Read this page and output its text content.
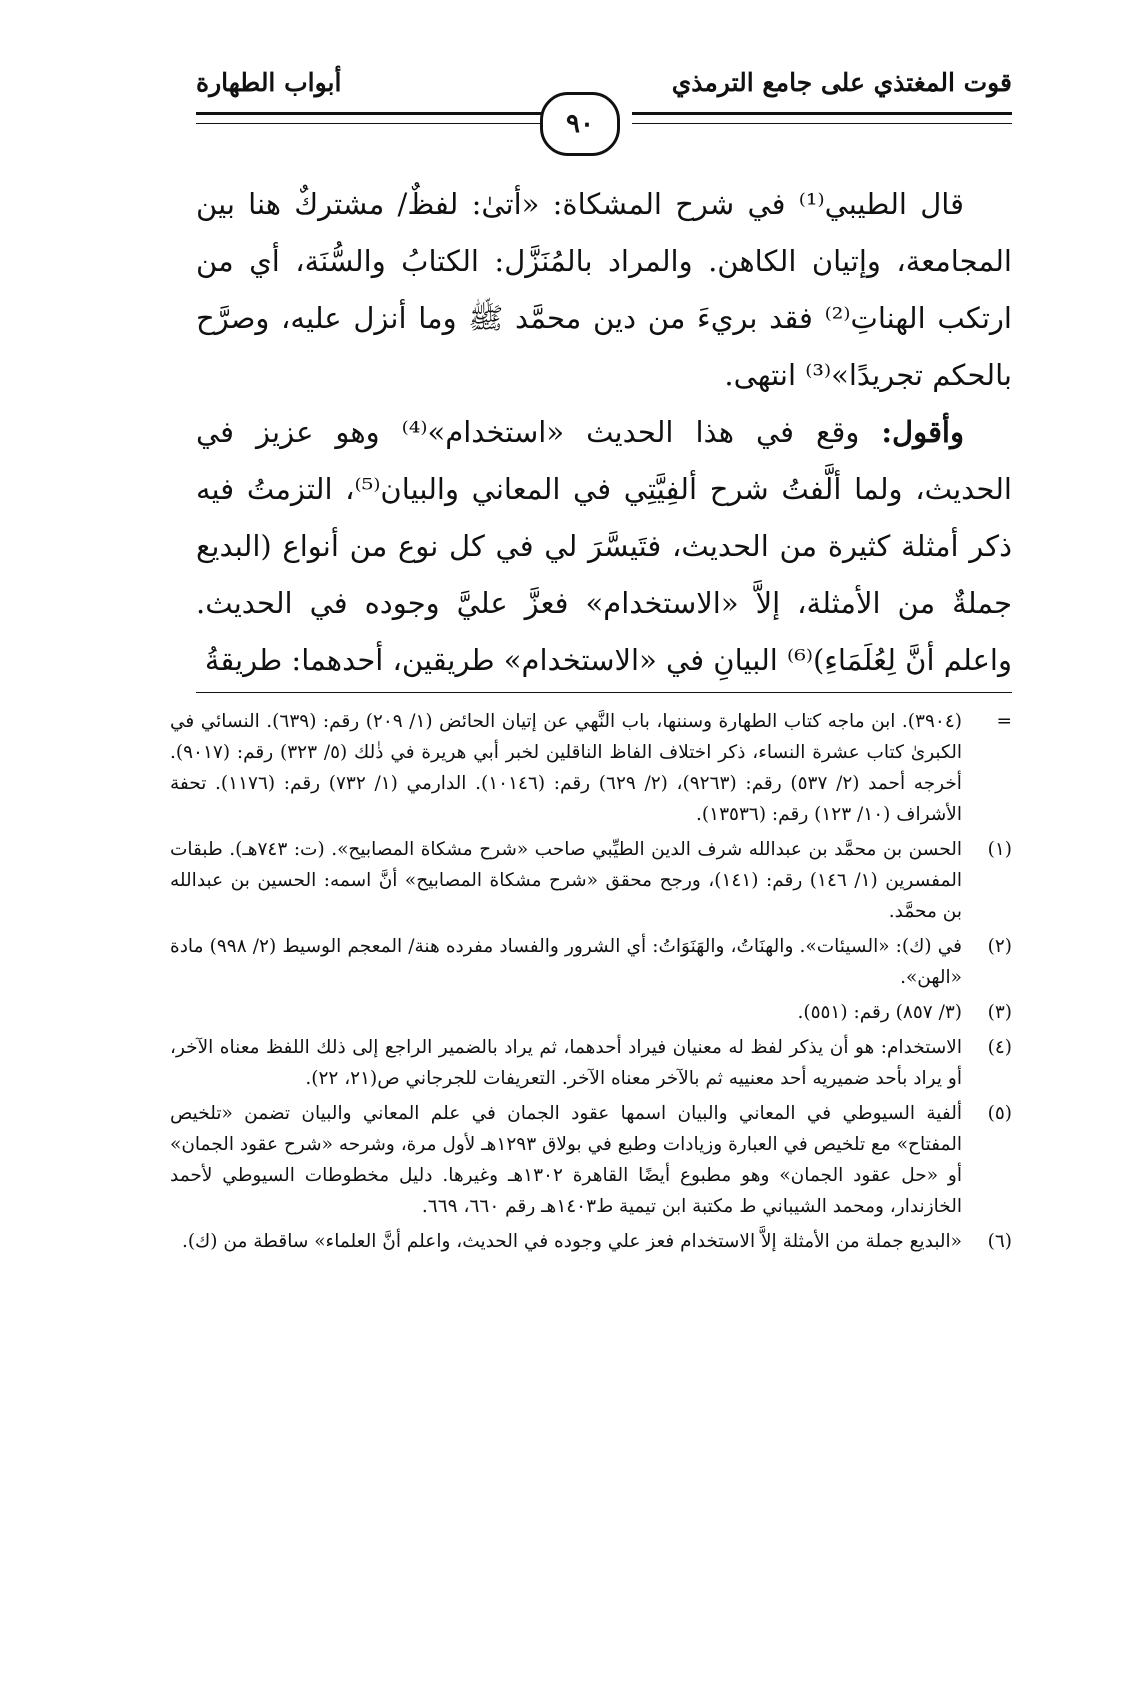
قوت المغتذي على جامع الترمذي
أبواب الطهارة
٩٠

قال الطيبي⁽¹⁾ في شرح المشكاة: «أتىٰ: لفظٌ/ مشتركٌ هنا بين المجامعة، وإتيان الكاهن. والمراد بالمُنَزَّل: الكتابُ والسُّنَة، أي من ارتكب الهناتِ⁽²⁾ فقد بريءَ من دين محمَّد ﷺ وما أنزل عليه، وصرَّح بالحكم تجريدًا»⁽³⁾ انتهى.

وأقول: وقع في هذا الحديث «استخدام»⁽⁴⁾ وهو عزيز في الحديث، ولما ألَّفتُ شرح ألفِيَّتِي في المعاني والبيان⁽⁵⁾، التزمتُ فيه ذكر أمثلة كثيرة من الحديث، فتَيسَّرَ لي في كل نوع من أنواع (البديع جملةٌ من الأمثلة، إلاَّ «الاستخدام» فعزَّ عليَّ وجوده في الحديث. واعلم أنَّ لِعُلَمَاءِ)⁽⁶⁾ البيانِ في «الاستخدام» طريقين، أحدهما: طريقةُ

=
(٣٩٠٤). ابن ماجه كتاب الطهارة وسننها، باب النَّهي عن إتيان الحائض (١/ ٢٠٩) رقم: (٦٣٩). النسائي في الكبرىٰ كتاب عشرة النساء، ذكر اختلاف الفاظ الناقلين لخبر أبي هريرة في ذٰلك (٥/ ٣٢٣) رقم: (٩٠١٧). أخرجه أحمد (٢/ ٥٣٧) رقم: (٩٢٦٣)، (٢/ ٦٢٩) رقم: (١٠١٤٦). الدارمي (١/ ٧٣٢) رقم: (١١٧٦). تحفة الأشراف (١٠/ ١٢٣) رقم: (١٣٥٣٦).
(١)
الحسن بن محمَّد بن عبدالله شرف الدين الطيِّبي صاحب «شرح مشكاة المصابيح». (ت: ٧٤٣هـ). طبقات المفسرين (١/ ١٤٦) رقم: (١٤١)، ورجح محقق «شرح مشكاة المصابيح» أنَّ اسمه: الحسين بن عبدالله بن محمَّد.
(٢)
في (ك): «السيئات». والهنَاتُ، والهَنَوَاتُ: أي الشرور والفساد مفرده هنة/ المعجم الوسيط (٢/ ٩٩٨) مادة «الهن».
(٣)
(٣/ ٨٥٧) رقم: (٥٥١).
(٤)
الاستخدام: هو أن يذكر لفظ له معنيان فيراد أحدهما، ثم يراد بالضمير الراجع إلى ذلك اللفظ معناه الآخر، أو يراد بأحد ضميريه أحد معنييه ثم بالآخر معناه الآخر. التعريفات للجرجاني ص(٢١، ٢٢).
(٥)
ألفية السيوطي في المعاني والبيان اسمها عقود الجمان في علم المعاني والبيان تضمن «تلخيص المفتاح» مع تلخيص في العبارة وزيادات وطبع في بولاق ١٢٩٣هـ لأول مرة، وشرحه «شرح عقود الجمان» أو «حل عقود الجمان» وهو مطبوع أيضًا القاهرة ١٣٠٢هـ وغيرها. دليل مخطوطات السيوطي لأحمد الخازندار، ومحمد الشيباني ط مكتبة ابن تيمية ط١٤٠٣هـ رقم ٦٦٠، ٦٦٩.
(٦)
«البديع جملة من الأمثلة إلاَّ الاستخدام فعز علي وجوده في الحديث، واعلم أنَّ العلماء» ساقطة من (ك).
